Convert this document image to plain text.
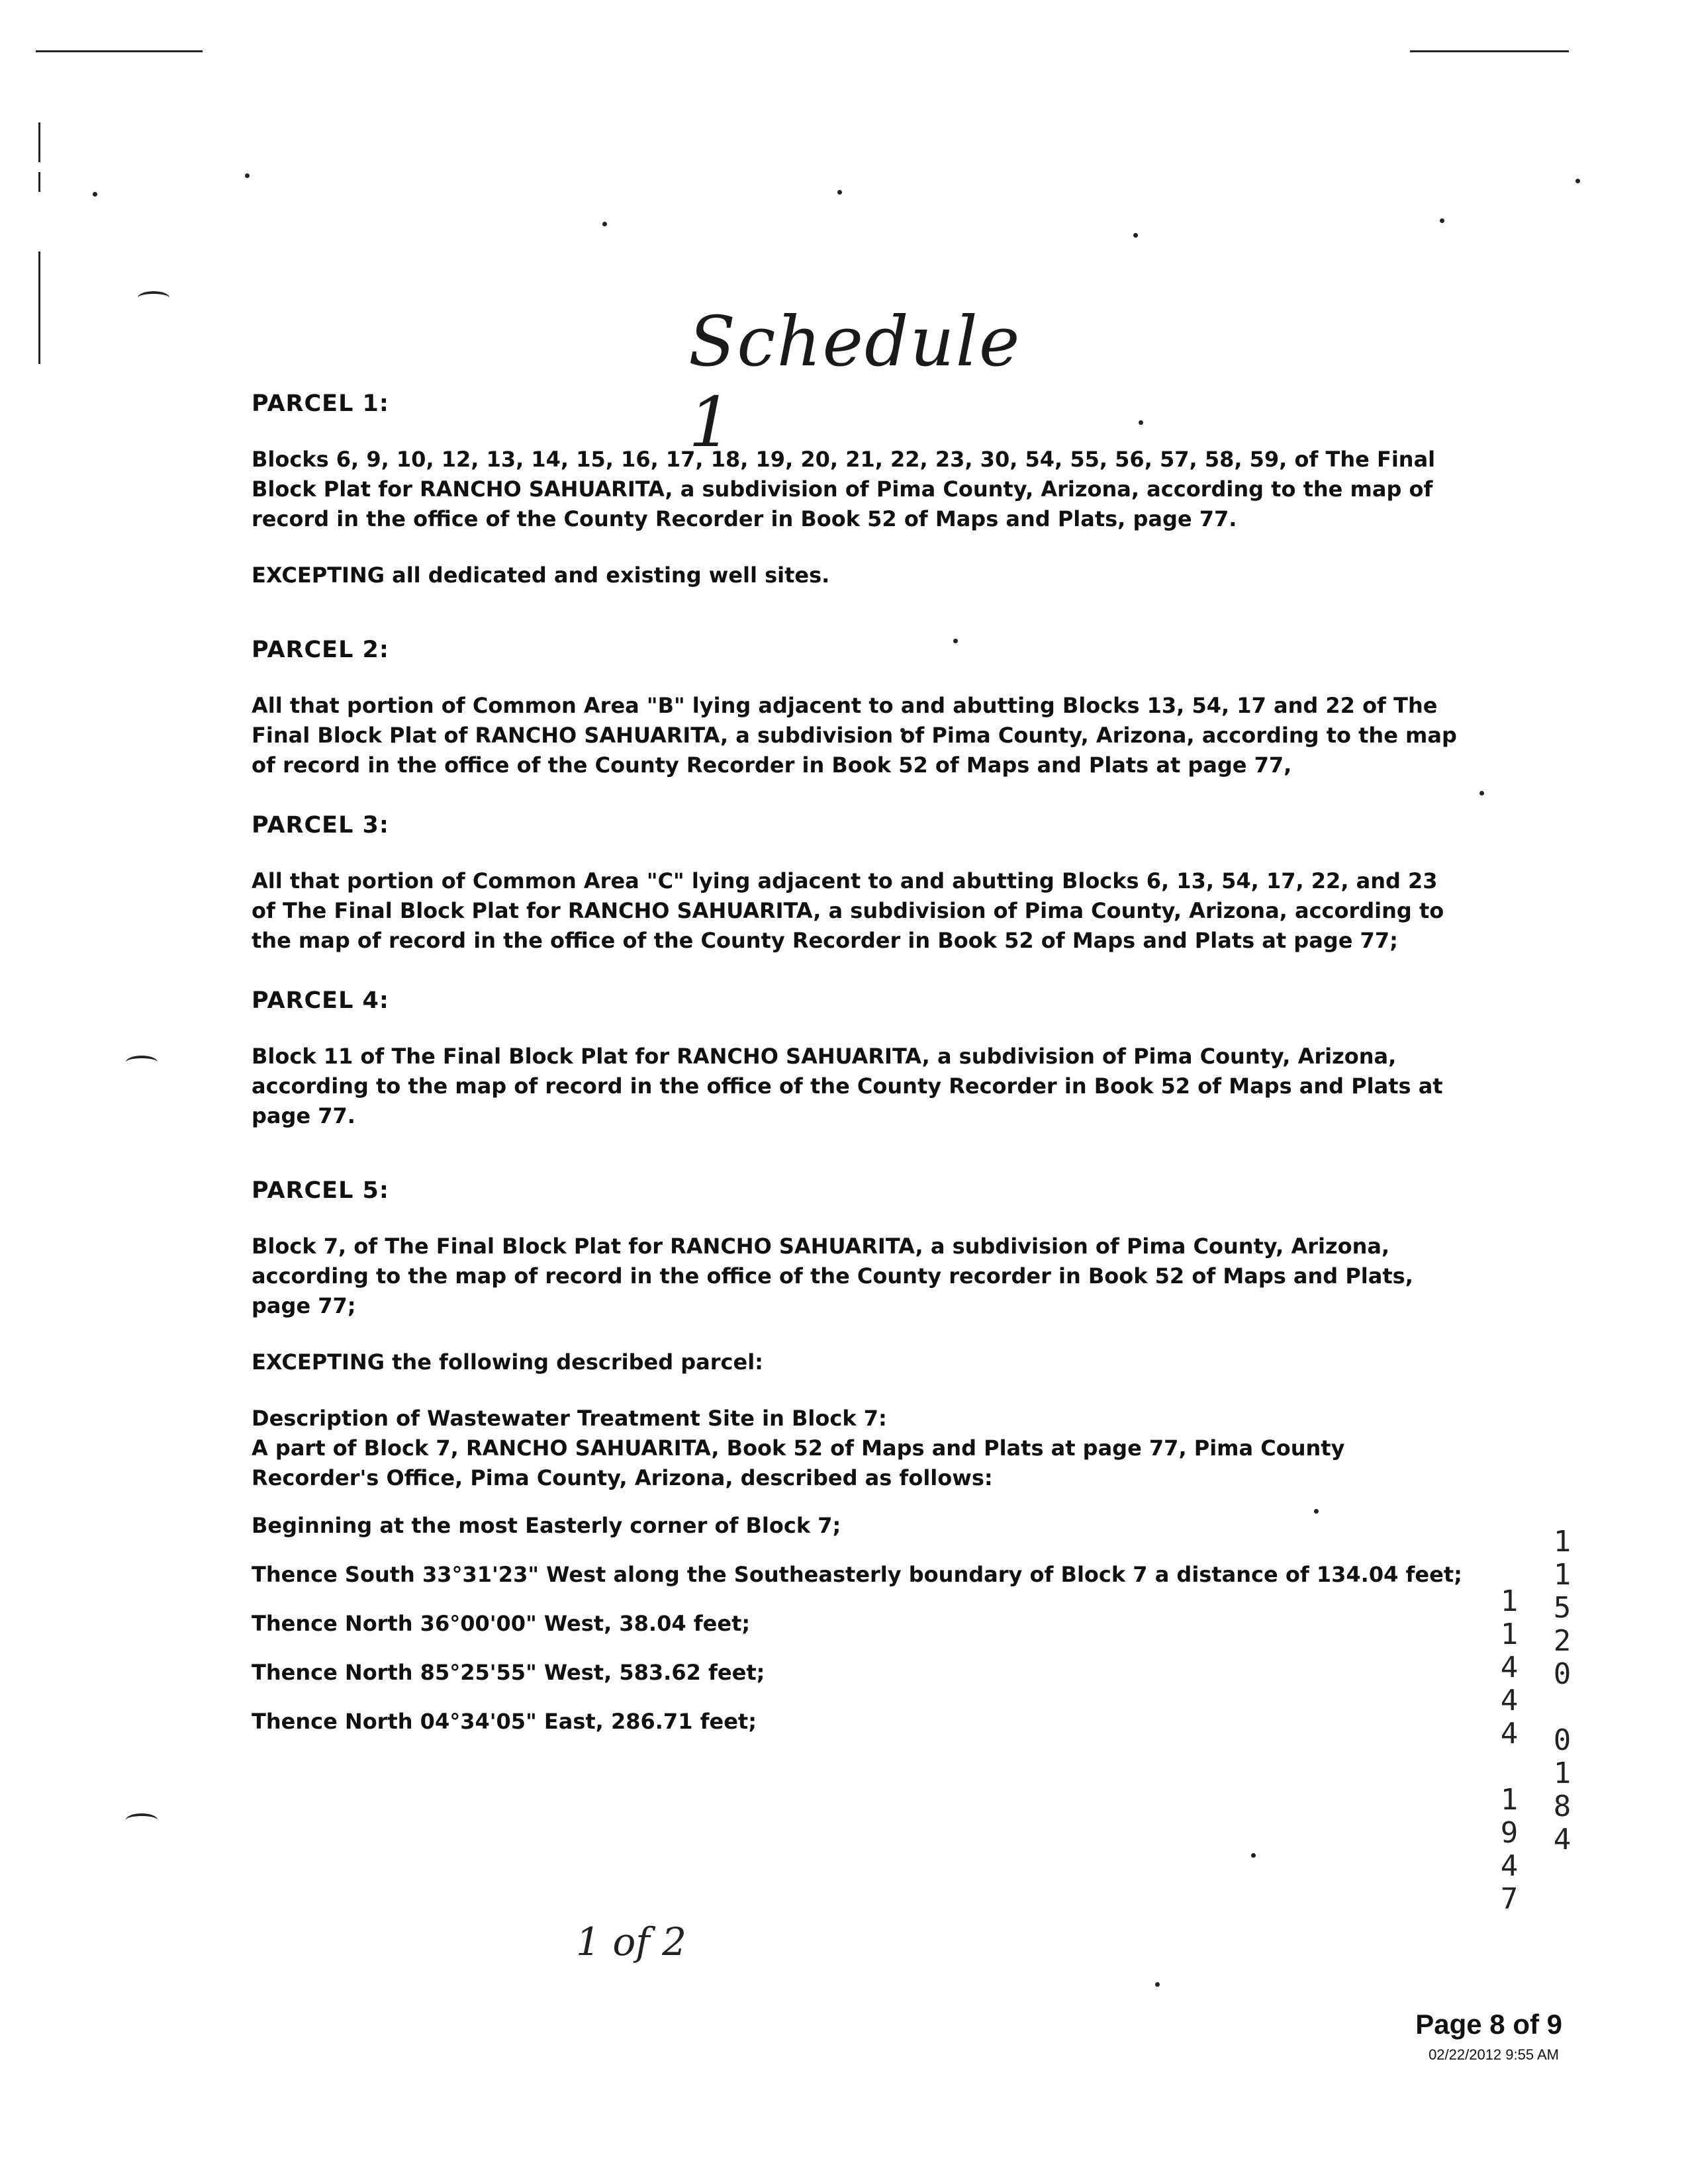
Schedule 1
PARCEL 1:
Blocks 6, 9, 10, 12, 13, 14, 15, 16, 17, 18, 19, 20, 21, 22, 23, 30, 54, 55, 56, 57, 58, 59, of The Final Block Plat for RANCHO SAHUARITA, a subdivision of Pima County, Arizona, according to the map of record in the office of the County Recorder in Book 52 of Maps and Plats, page 77.
EXCEPTING all dedicated and existing well sites.
PARCEL 2:
All that portion of Common Area "B" lying adjacent to and abutting Blocks 13, 54, 17 and 22 of The Final Block Plat of RANCHO SAHUARITA, a subdivision of Pima County, Arizona, according to the map of record in the office of the County Recorder in Book 52 of Maps and Plats at page 77,
PARCEL 3:
All that portion of Common Area "C" lying adjacent to and abutting Blocks 6, 13, 54, 17, 22, and 23 of The Final Block Plat for RANCHO SAHUARITA, a subdivision of Pima County, Arizona, according to the map of record in the office of the County Recorder in Book 52 of Maps and Plats at page 77;
PARCEL 4:
Block 11 of The Final Block Plat for RANCHO SAHUARITA, a subdivision of Pima County, Arizona, according to the map of record in the office of the County Recorder in Book 52 of Maps and Plats at page 77.
PARCEL 5:
Block 7, of The Final Block Plat for RANCHO SAHUARITA, a subdivision of Pima County, Arizona, according to the map of record in the office of the County recorder in Book 52 of Maps and Plats, page 77;
EXCEPTING the following described parcel:
Description of Wastewater Treatment Site in Block 7:
A part of Block 7, RANCHO SAHUARITA, Book 52 of Maps and Plats at page 77, Pima County Recorder's Office, Pima County, Arizona, described as follows:
Beginning at the most Easterly corner of Block 7;
Thence South 33°31'23" West along the Southeasterly boundary of Block 7 a distance of 134.04 feet;
Thence North 36°00'00" West, 38.04 feet;
Thence North 85°25'55" West, 583.62 feet;
Thence North 04°34'05" East, 286.71 feet;
1
1
4
4
4
1
9
4
7
1
1
5
2
0
0
1
8
4
1 of 2
Page 8 of 9
02/22/2012 9:55 AM
